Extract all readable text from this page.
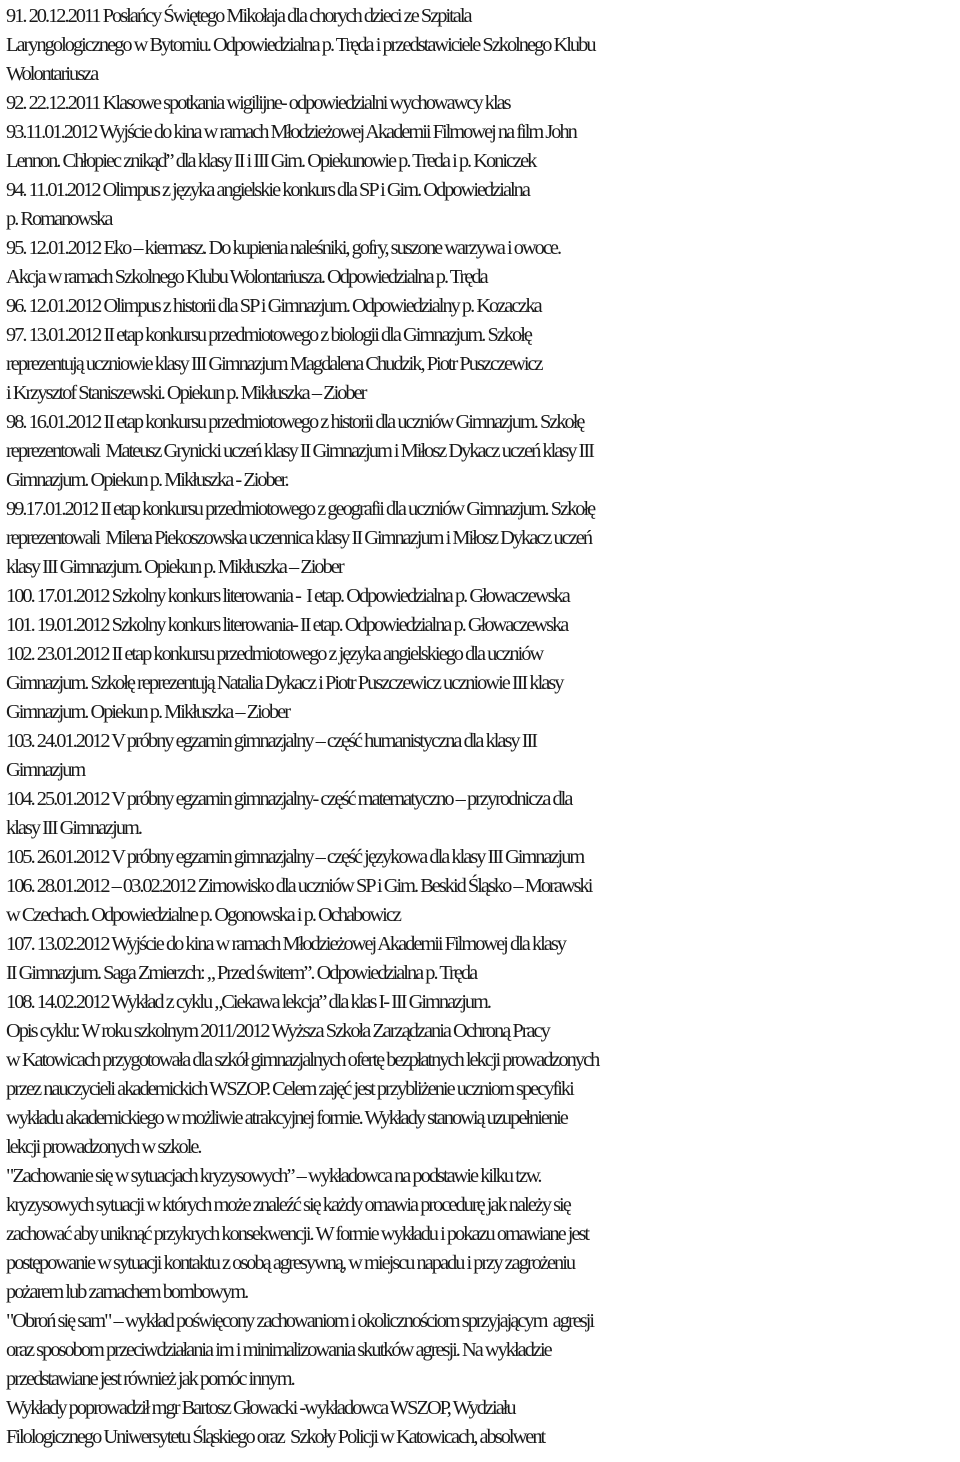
91. 20.12.2011 Posłańcy Świętego Mikołaja dla chorych dzieci ze Szpitala
Laryngologicznego w Bytomiu. Odpowiedzialna p. Tręda i przedstawiciele Szkolnego Klubu
Wolontariusza
92. 22.12.2011 Klasowe spotkania wigilijne- odpowiedzialni wychowawcy klas
93.11.01.2012 Wyjście do kina w ramach Młodzieżowej Akademii Filmowej na film John
Lennon. Chłopiec znikąd” dla klasy II i III Gim. Opiekunowie p. Treda i p. Koniczek
94. 11.01.2012 Olimpus z języka angielskie konkurs dla SP i Gim. Odpowiedzialna
p. Romanowska
95. 12.01.2012 Eko – kiermasz. Do kupienia naleśniki, gofry, suszone warzywa i owoce.
Akcja w ramach Szkolnego Klubu Wolontariusza. Odpowiedzialna p. Tręda
96. 12.01.2012 Olimpus z historii dla SP i Gimnazjum. Odpowiedzialny p. Kozaczka
97. 13.01.2012 II etap konkursu przedmiotowego z biologii dla Gimnazjum. Szkołę
reprezentują uczniowie klasy III Gimnazjum Magdalena Chudzik, Piotr Puszczewicz
i Krzysztof Staniszewski. Opiekun p. Mikłuszka – Ziober
98. 16.01.2012 II etap konkursu przedmiotowego z historii dla uczniów Gimnazjum. Szkołę
reprezentowali  Mateusz Grynicki uczeń klasy II Gimnazjum i Miłosz Dykacz uczeń klasy III
Gimnazjum. Opiekun p. Mikłuszka - Ziober.
99.17.01.2012 II etap konkursu przedmiotowego z geografii dla uczniów Gimnazjum. Szkołę
reprezentowali  Milena Piekoszowska uczennica klasy II Gimnazjum i Miłosz Dykacz uczeń
klasy III Gimnazjum. Opiekun p. Mikłuszka – Ziober
100. 17.01.2012 Szkolny konkurs literowania -  I etap. Odpowiedzialna p. Głowaczewska
101. 19.01.2012 Szkolny konkurs literowania- II etap. Odpowiedzialna p. Głowaczewska
102. 23.01.2012 II etap konkursu przedmiotowego z języka angielskiego dla uczniów
Gimnazjum. Szkołę reprezentują Natalia Dykacz i Piotr Puszczewicz uczniowie III klasy
Gimnazjum. Opiekun p. Mikłuszka – Ziober
103. 24.01.2012 V próbny egzamin gimnazjalny – część humanistyczna dla klasy III
Gimnazjum
104. 25.01.2012 V próbny egzamin gimnazjalny- część matematyczno – przyrodnicza dla
klasy III Gimnazjum.
105. 26.01.2012 V próbny egzamin gimnazjalny – część językowa dla klasy III Gimnazjum
106. 28.01.2012 – 03.02.2012 Zimowisko dla uczniów SP i Gim. Beskid Śląsko – Morawski
w Czechach. Odpowiedzialne p. Ogonowska i p. Ochabowicz
107. 13.02.2012 Wyjście do kina w ramach Młodzieżowej Akademii Filmowej dla klasy
II Gimnazjum. Saga Zmierzch: „ Przed świtem”. Odpowiedzialna p. Tręda
108. 14.02.2012 Wykład z cyklu „Ciekawa lekcja” dla klas I- III Gimnazjum.
Opis cyklu: W roku szkolnym 2011/2012 Wyższa Szkoła Zarządzania Ochroną Pracy
w Katowicach przygotowała dla szkół gimnazjalnych ofertę bezpłatnych lekcji prowadzonych
przez nauczycieli akademickich WSZOP. Celem zajęć jest przybliżenie uczniom specyfiki
wykładu akademickiego w możliwie atrakcyjnej formie. Wykłady stanowią uzupełnienie
lekcji prowadzonych w szkole.
"Zachowanie się w sytuacjach kryzysowych” – wykładowca na podstawie kilku tzw.
kryzysowych sytuacji w których może znaleźć się każdy omawia procedurę jak należy się
zachować aby uniknąć przykrych konsekwencji. W formie wykładu i pokazu omawiane jest
postępowanie w sytuacji kontaktu z osobą agresywną, w miejscu napadu i przy zagrożeniu
pożarem lub zamachem bombowym.
"Obroń się sam" – wykład poświęcony zachowaniom i okolicznościom sprzyjającym  agresji
oraz sposobom przeciwdziałania im i minimalizowania skutków agresji. Na wykładzie
przedstawiane jest również jak pomóc innym.
Wykłady poprowadził mgr Bartosz Głowacki -wykładowca WSZOP, Wydziału
Filologicznego Uniwersytetu Śląskiego oraz  Szkoły Policji w Katowicach, absolwent
